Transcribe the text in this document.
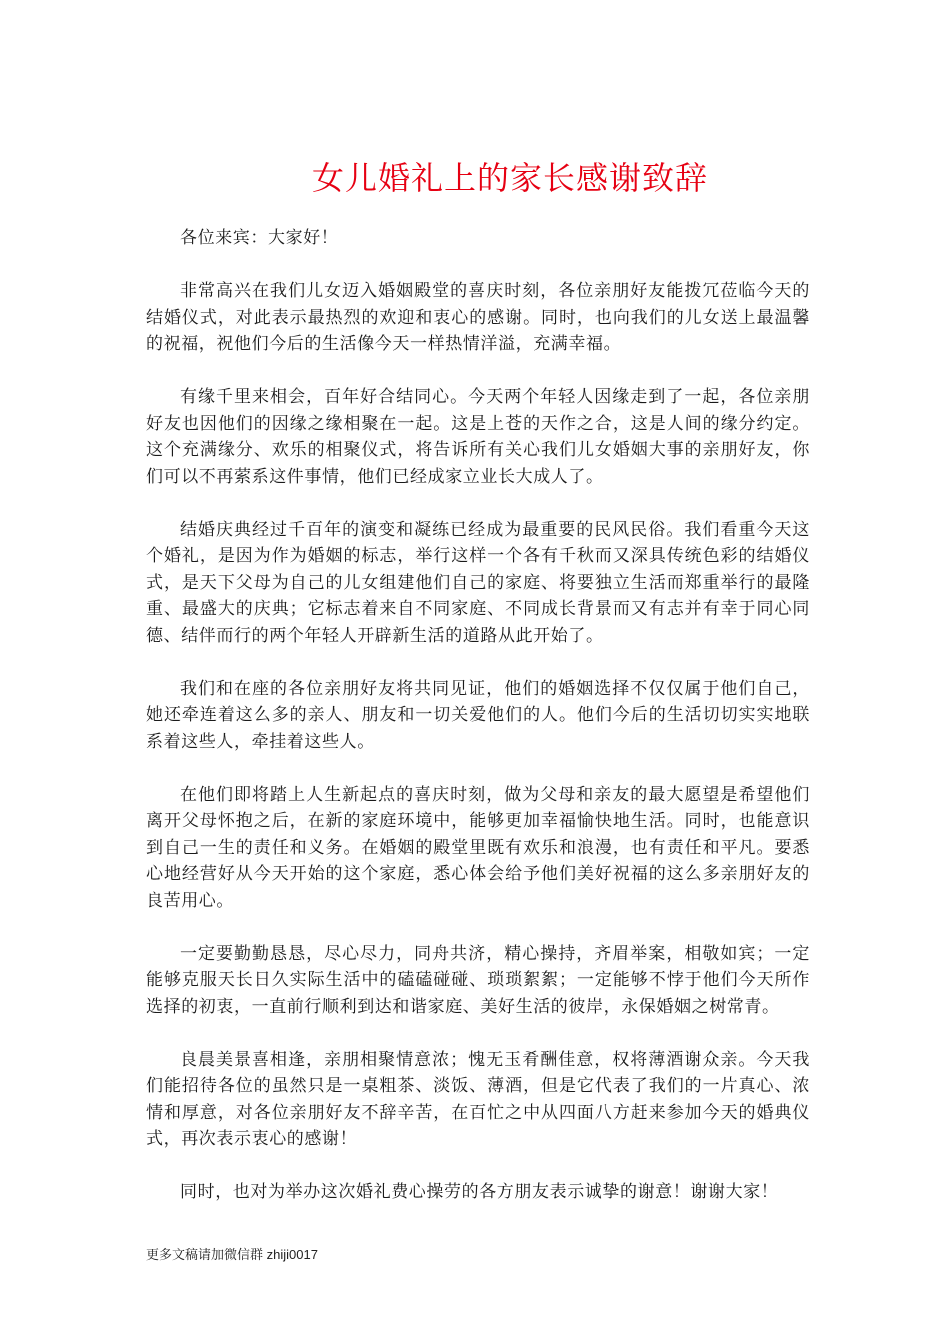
女儿婚礼上的家长感谢致辞

各位来宾：大家好！

非常高兴在我们儿女迈入婚姻殿堂的喜庆时刻，各位亲朋好友能拨冗莅临今天的结婚仪式，对此表示最热烈的欢迎和衷心的感谢。同时，也向我们的儿女送上最温馨的祝福，祝他们今后的生活像今天一样热情洋溢，充满幸福。

有缘千里来相会，百年好合结同心。今天两个年轻人因缘走到了一起，各位亲朋好友也因他们的因缘之缘相聚在一起。这是上苍的天作之合，这是人间的缘分约定。这个充满缘分、欢乐的相聚仪式，将告诉所有关心我们儿女婚姻大事的亲朋好友，你们可以不再萦系这件事情，他们已经成家立业长大成人了。

结婚庆典经过千百年的演变和凝练已经成为最重要的民风民俗。我们看重今天这个婚礼，是因为作为婚姻的标志，举行这样一个各有千秋而又深具传统色彩的结婚仪式，是天下父母为自己的儿女组建他们自己的家庭、将要独立生活而郑重举行的最隆重、最盛大的庆典；它标志着来自不同家庭、不同成长背景而又有志并有幸于同心同德、结伴而行的两个年轻人开辟新生活的道路从此开始了。

我们和在座的各位亲朋好友将共同见证，他们的婚姻选择不仅仅属于他们自己，她还牵连着这么多的亲人、朋友和一切关爱他们的人。他们今后的生活切切实实地联系着这些人，牵挂着这些人。

在他们即将踏上人生新起点的喜庆时刻，做为父母和亲友的最大愿望是希望他们离开父母怀抱之后，在新的家庭环境中，能够更加幸福愉快地生活。同时，也能意识到自己一生的责任和义务。在婚姻的殿堂里既有欢乐和浪漫，也有责任和平凡。要悉心地经营好从今天开始的这个家庭，悉心体会给予他们美好祝福的这么多亲朋好友的良苦用心。

一定要勤勤恳恳，尽心尽力，同舟共济，精心操持，齐眉举案，相敬如宾；一定能够克服天长日久实际生活中的磕磕碰碰、琐琐絮絮；一定能够不悖于他们今天所作选择的初衷，一直前行顺利到达和谐家庭、美好生活的彼岸，永保婚姻之树常青。

良晨美景喜相逢，亲朋相聚情意浓；愧无玉肴酬佳意，权将薄酒谢众亲。今天我们能招待各位的虽然只是一桌粗茶、淡饭、薄酒，但是它代表了我们的一片真心、浓情和厚意，对各位亲朋好友不辞辛苦，在百忙之中从四面八方赶来参加今天的婚典仪式，再次表示衷心的感谢！

同时，也对为举办这次婚礼费心操劳的各方朋友表示诚挚的谢意！谢谢大家！

更多文稿请加微信群 zhiji0017
